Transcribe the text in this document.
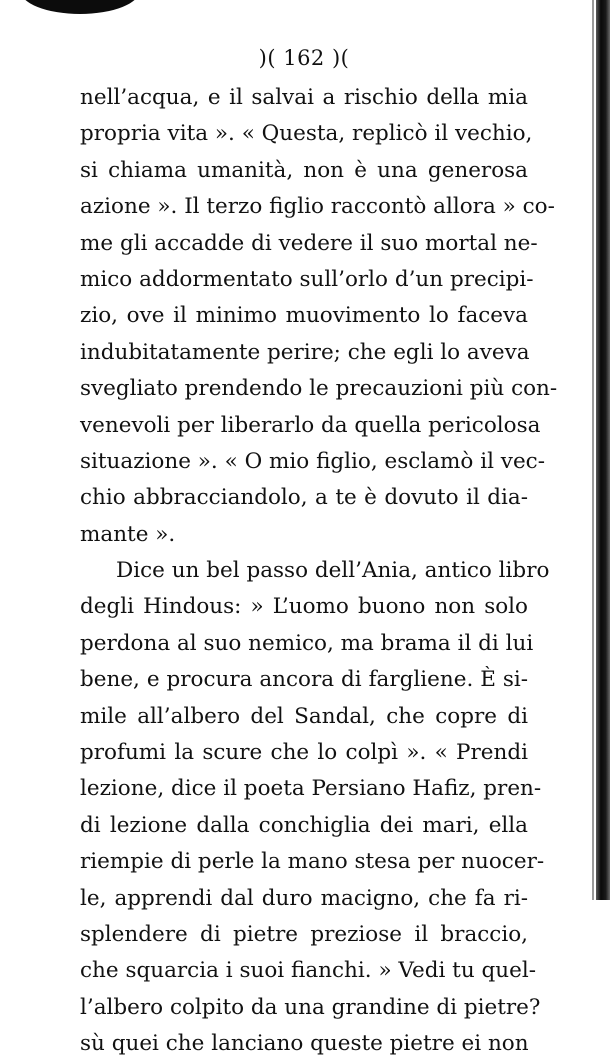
)( 162 )(
nell’acqua, e il salvai a rischio della mia
propria vita ». « Questa, replicò il vechio,
si chiama umanità, non è una generosa
azione ». Il terzo figlio raccontò allora » co-
me gli accadde di vedere il suo mortal ne-
mico addormentato sull’orlo d’un precipi-
zio, ove il minimo muovimento lo faceva
indubitatamente perire; che egli lo aveva
svegliato prendendo le precauzioni più con-
venevoli per liberarlo da quella pericolosa
situazione ». « O mio figlio, esclamò il vec-
chio abbracciandolo, a te è dovuto il dia-
mante ».
Dice un bel passo dell’Ania, antico libro
degli Hindous: » L’uomo buono non solo
perdona al suo nemico, ma brama il di lui
bene, e procura ancora di fargliene. È si-
mile all’albero del Sandal, che copre di
profumi la scure che lo colpì ». « Prendi
lezione, dice il poeta Persiano Hafiz, pren-
di lezione dalla conchiglia dei mari, ella
riempie di perle la mano stesa per nuocer-
le, apprendi dal duro macigno, che fa ri-
splendere di pietre preziose il braccio,
che squarcia i suoi fianchi. » Vedi tu quel-
l’albero colpito da una grandine di pietre?
sù quei che lanciano queste pietre ei non
